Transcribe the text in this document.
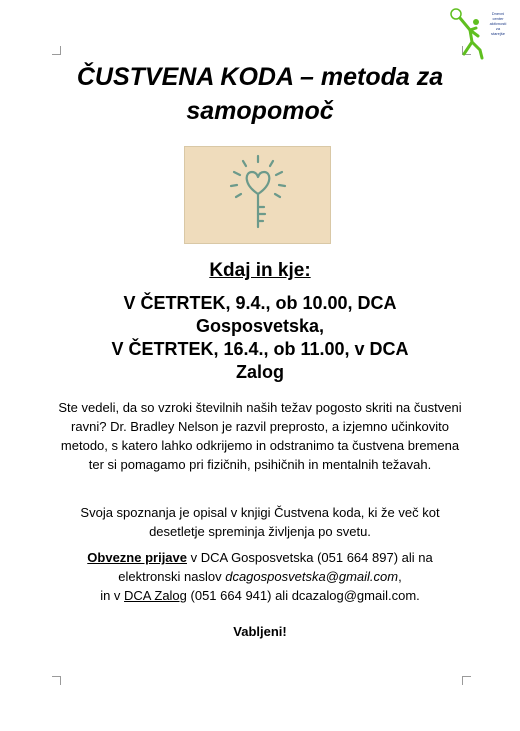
Dnevni
center
aktivnosti
za
starejše
ČUSTVENA KODA – metoda za
samopomoč
Kdaj in kje:
V ČETRTEK, 9.4., ob 10.00, DCA
Gosposvetska,
V ČETRTEK, 16.4., ob 11.00, v DCA
Zalog
Ste vedeli, da so vzroki številnih naših težav pogosto skriti na čustveni ravni? Dr. Bradley Nelson je razvil preprosto, a izjemno učinkovito metodo, s katero lahko odkrijemo in odstranimo ta čustvena bremena ter si pomagamo pri fizičnih, psihičnih in mentalnih težavah.
Svoja spoznanja je opisal v knjigi Čustvena koda, ki že več kot desetletje spreminja življenja po svetu.
Obvezne prijave v DCA Gosposvetska (051 664 897) ali na
elektronski naslov dcagosposvetska@gmail.com,
in v DCA Zalog (051 664 941) ali dcazalog@gmail.com.
Vabljeni!
